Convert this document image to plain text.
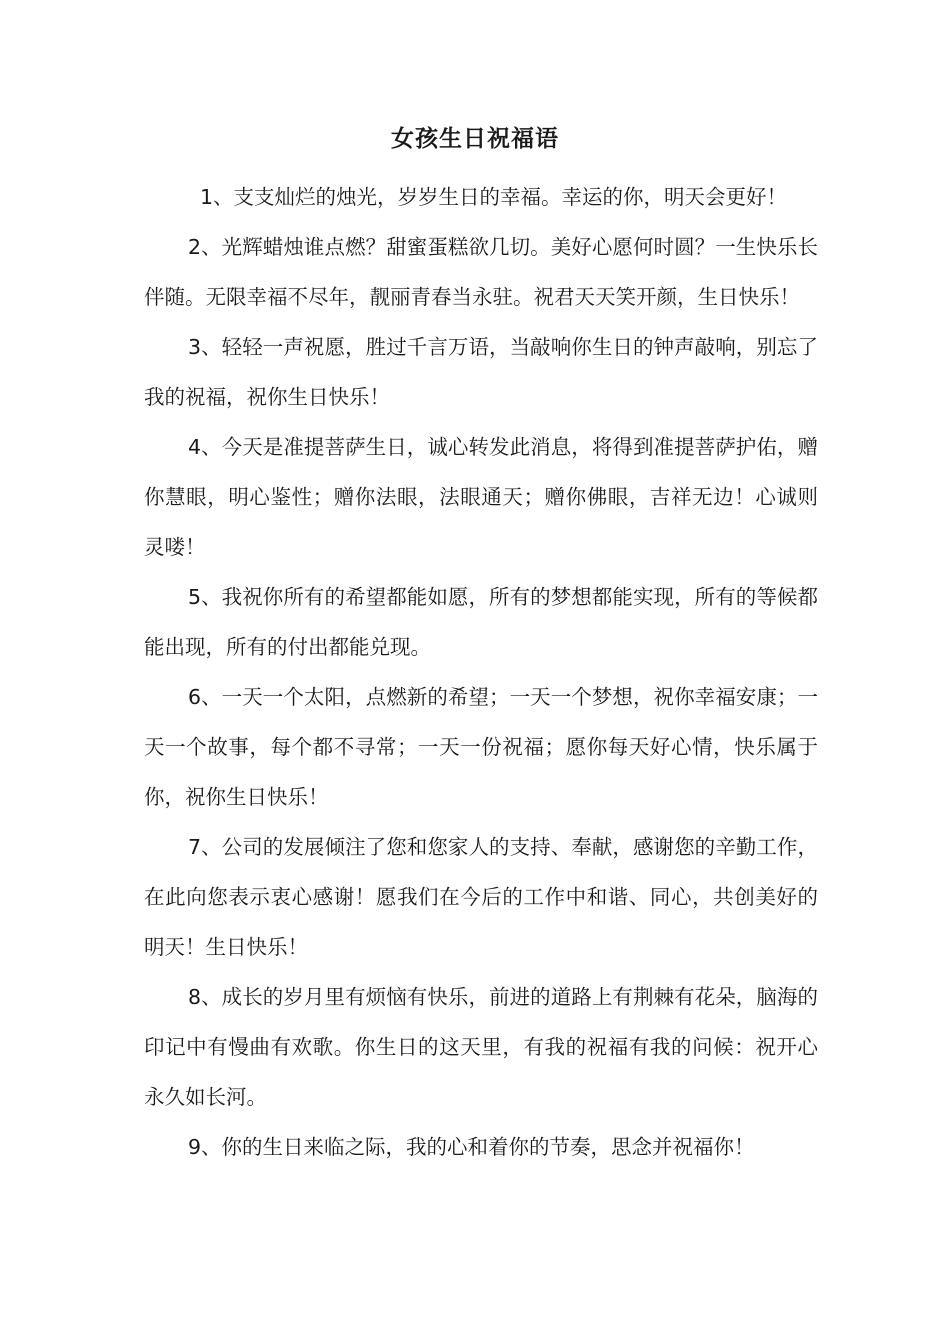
女孩生日祝福语

1、支支灿烂的烛光，岁岁生日的幸福。幸运的你，明天会更好！

2、光辉蜡烛谁点燃？甜蜜蛋糕欲几切。美好心愿何时圆？一生快乐长伴随。无限幸福不尽年，靓丽青春当永驻。祝君天天笑开颜，生日快乐！

3、轻轻一声祝愿，胜过千言万语，当敲响你生日的钟声敲响，别忘了我的祝福，祝你生日快乐！

4、今天是准提菩萨生日，诚心转发此消息，将得到准提菩萨护佑，赠你慧眼，明心鉴性；赠你法眼，法眼通天；赠你佛眼，吉祥无边！心诚则灵喽！

5、我祝你所有的希望都能如愿，所有的梦想都能实现，所有的等候都能出现，所有的付出都能兑现。

6、一天一个太阳，点燃新的希望；一天一个梦想，祝你幸福安康；一天一个故事，每个都不寻常；一天一份祝福；愿你每天好心情，快乐属于你，祝你生日快乐！

7、公司的发展倾注了您和您家人的支持、奉献，感谢您的辛勤工作，在此向您表示衷心感谢！愿我们在今后的工作中和谐、同心，共创美好的明天！生日快乐！

8、成长的岁月里有烦恼有快乐，前进的道路上有荆棘有花朵，脑海的印记中有慢曲有欢歌。你生日的这天里，有我的祝福有我的问候：祝开心永久如长河。

9、你的生日来临之际，我的心和着你的节奏，思念并祝福你！
